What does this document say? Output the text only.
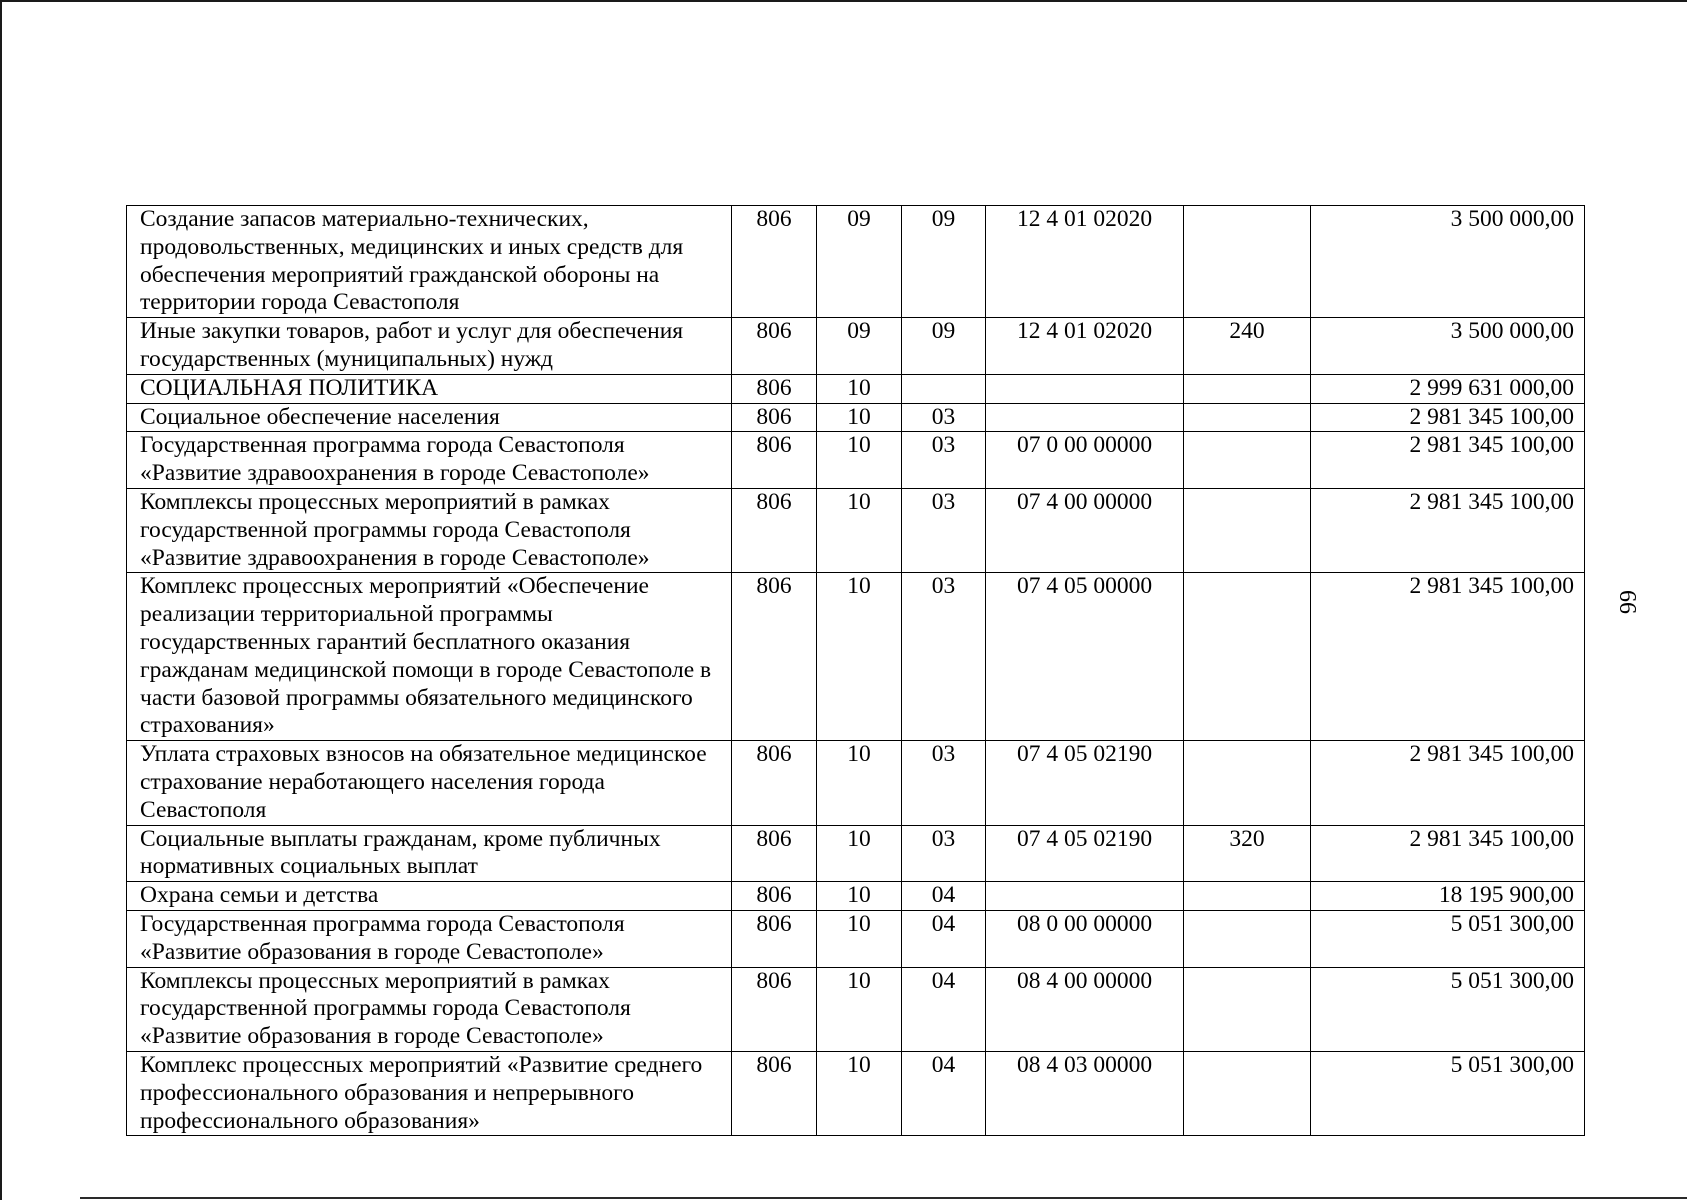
Создание запасов материально-технических, продовольственных, медицинских и иных средств для обеспечения мероприятий гражданской обороны на территории города Севастополя	806	09	09	12 4 01 02020		3 500 000,00
Иные закупки товаров, работ и услуг для обеспечения государственных (муниципальных) нужд	806	09	09	12 4 01 02020	240	3 500 000,00
СОЦИАЛЬНАЯ ПОЛИТИКА	806	10				2 999 631 000,00
Социальное обеспечение населения	806	10	03			2 981 345 100,00
Государственная программа города Севастополя «Развитие здравоохранения в городе Севастополе»	806	10	03	07 0 00 00000		2 981 345 100,00
Комплексы процессных мероприятий в рамках государственной программы города Севастополя «Развитие здравоохранения в городе Севастополе»	806	10	03	07 4 00 00000		2 981 345 100,00
Комплекс процессных мероприятий «Обеспечение реализации территориальной программы государственных гарантий бесплатного оказания гражданам медицинской помощи в городе Севастополе в части базовой программы обязательного медицинского страхования»	806	10	03	07 4 05 00000		2 981 345 100,00
Уплата страховых взносов на обязательное медицинское страхование неработающего населения города Севастополя	806	10	03	07 4 05 02190		2 981 345 100,00
Социальные выплаты гражданам, кроме публичных нормативных социальных выплат	806	10	03	07 4 05 02190	320	2 981 345 100,00
Охрана семьи и детства	806	10	04			18 195 900,00
Государственная программа города Севастополя «Развитие образования в городе Севастополе»	806	10	04	08 0 00 00000		5 051 300,00
Комплексы процессных мероприятий в рамках государственной программы города Севастополя «Развитие образования в городе Севастополе»	806	10	04	08 4 00 00000		5 051 300,00
Комплекс процессных мероприятий «Развитие среднего профессионального образования и непрерывного профессионального образования»	806	10	04	08 4 03 00000		5 051 300,00
66
